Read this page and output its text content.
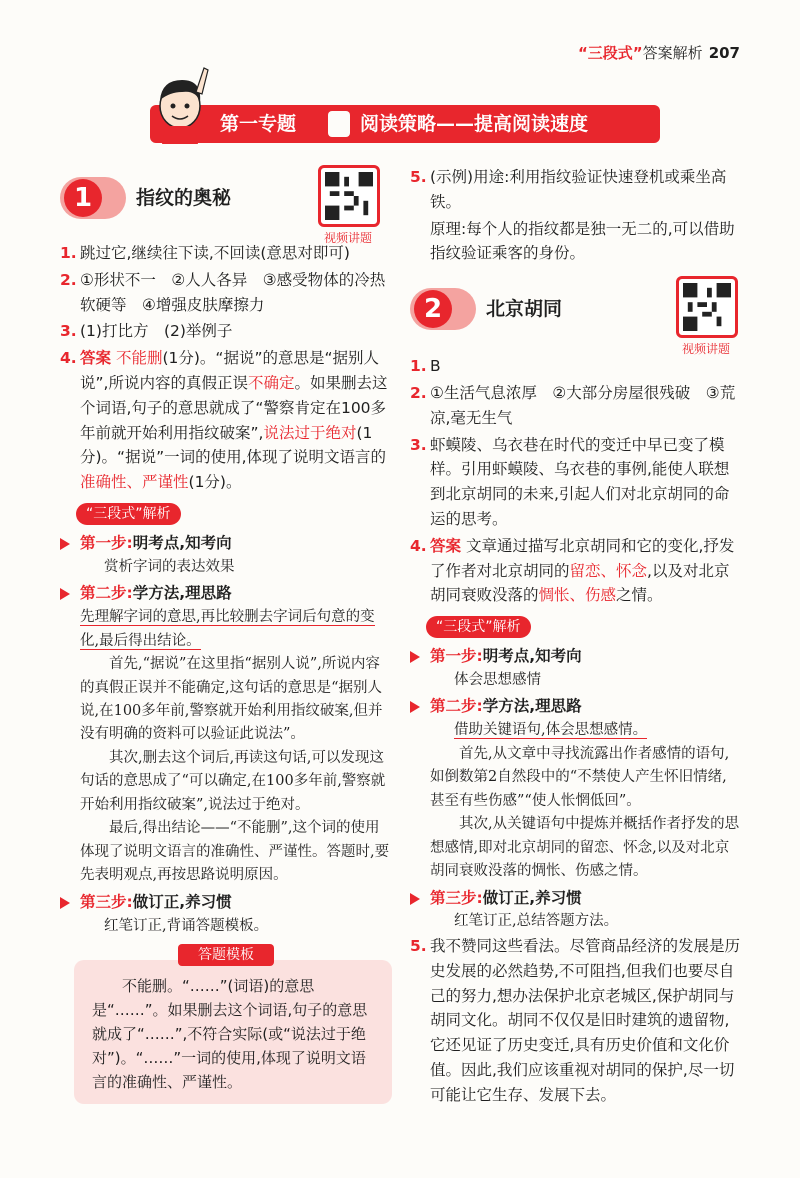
“三段式”答案解析 207
第一专题	阅读策略——提高阅读速度
1	指纹的奥秘
视频讲题
1. 跳过它,继续往下读,不回读(意思对即可)
2. ①形状不一　②人人各异　③感受物体的冷热软硬等　④增强皮肤摩擦力
3. (1)打比方　(2)举例子
4. 答案 不能删(1分)。“据说”的意思是“据别人说”,所说内容的真假正误不确定。如果删去这个词语,句子的意思就成了“警察肯定在100多年前就开始利用指纹破案”,说法过于绝对(1分)。“据说”一词的使用,体现了说明文语言的准确性、严谨性(1分)。
“三段式”解析
第一步:明考点,知考向
赏析字词的表达效果
第二步:学方法,理思路
先理解字词的意思,再比较删去字词后句意的变化,最后得出结论。
首先,“据说”在这里指“据别人说”,所说内容的真假正误并不能确定,这句话的意思是“据别人说,在100多年前,警察就开始利用指纹破案,但并没有明确的资料可以验证此说法”。
其次,删去这个词后,再读这句话,可以发现这句话的意思成了“可以确定,在100多年前,警察就开始利用指纹破案”,说法过于绝对。
最后,得出结论——“不能删”,这个词的使用体现了说明文语言的准确性、严谨性。答题时,要先表明观点,再按思路说明原因。
第三步:做订正,养习惯
红笔订正,背诵答题模板。
答题模板
不能删。“……”(词语)的意思是“……”。如果删去这个词语,句子的意思就成了“……”,不符合实际(或“说法过于绝对”)。“……”一词的使用,体现了说明文语言的准确性、严谨性。
5. (示例)用途:利用指纹验证快速登机或乘坐高铁。
原理:每个人的指纹都是独一无二的,可以借助指纹验证乘客的身份。
2	北京胡同
视频讲题
1. B
2. ①生活气息浓厚　②大部分房屋很残破　③荒凉,毫无生气
3. 虾蟆陵、乌衣巷在时代的变迁中早已变了模样。引用虾蟆陵、乌衣巷的事例,能使人联想到北京胡同的未来,引起人们对北京胡同的命运的思考。
4. 答案 文章通过描写北京胡同和它的变化,抒发了作者对北京胡同的留恋、怀念,以及对北京胡同衰败没落的惆怅、伤感之情。
“三段式”解析
第一步:明考点,知考向
体会思想感情
第二步:学方法,理思路
借助关键语句,体会思想感情。
首先,从文章中寻找流露出作者感情的语句,如倒数第2自然段中的“不禁使人产生怀旧情绪,甚至有些伤感”“使人怅惘低回”。
其次,从关键语句中提炼并概括作者抒发的思想感情,即对北京胡同的留恋、怀念,以及对北京胡同衰败没落的惆怅、伤感之情。
第三步:做订正,养习惯
红笔订正,总结答题方法。
5. 我不赞同这些看法。尽管商品经济的发展是历史发展的必然趋势,不可阻挡,但我们也要尽自己的努力,想办法保护北京老城区,保护胡同与胡同文化。胡同不仅仅是旧时建筑的遗留物,它还见证了历史变迁,具有历史价值和文化价值。因此,我们应该重视对胡同的保护,尽一切可能让它生存、发展下去。
